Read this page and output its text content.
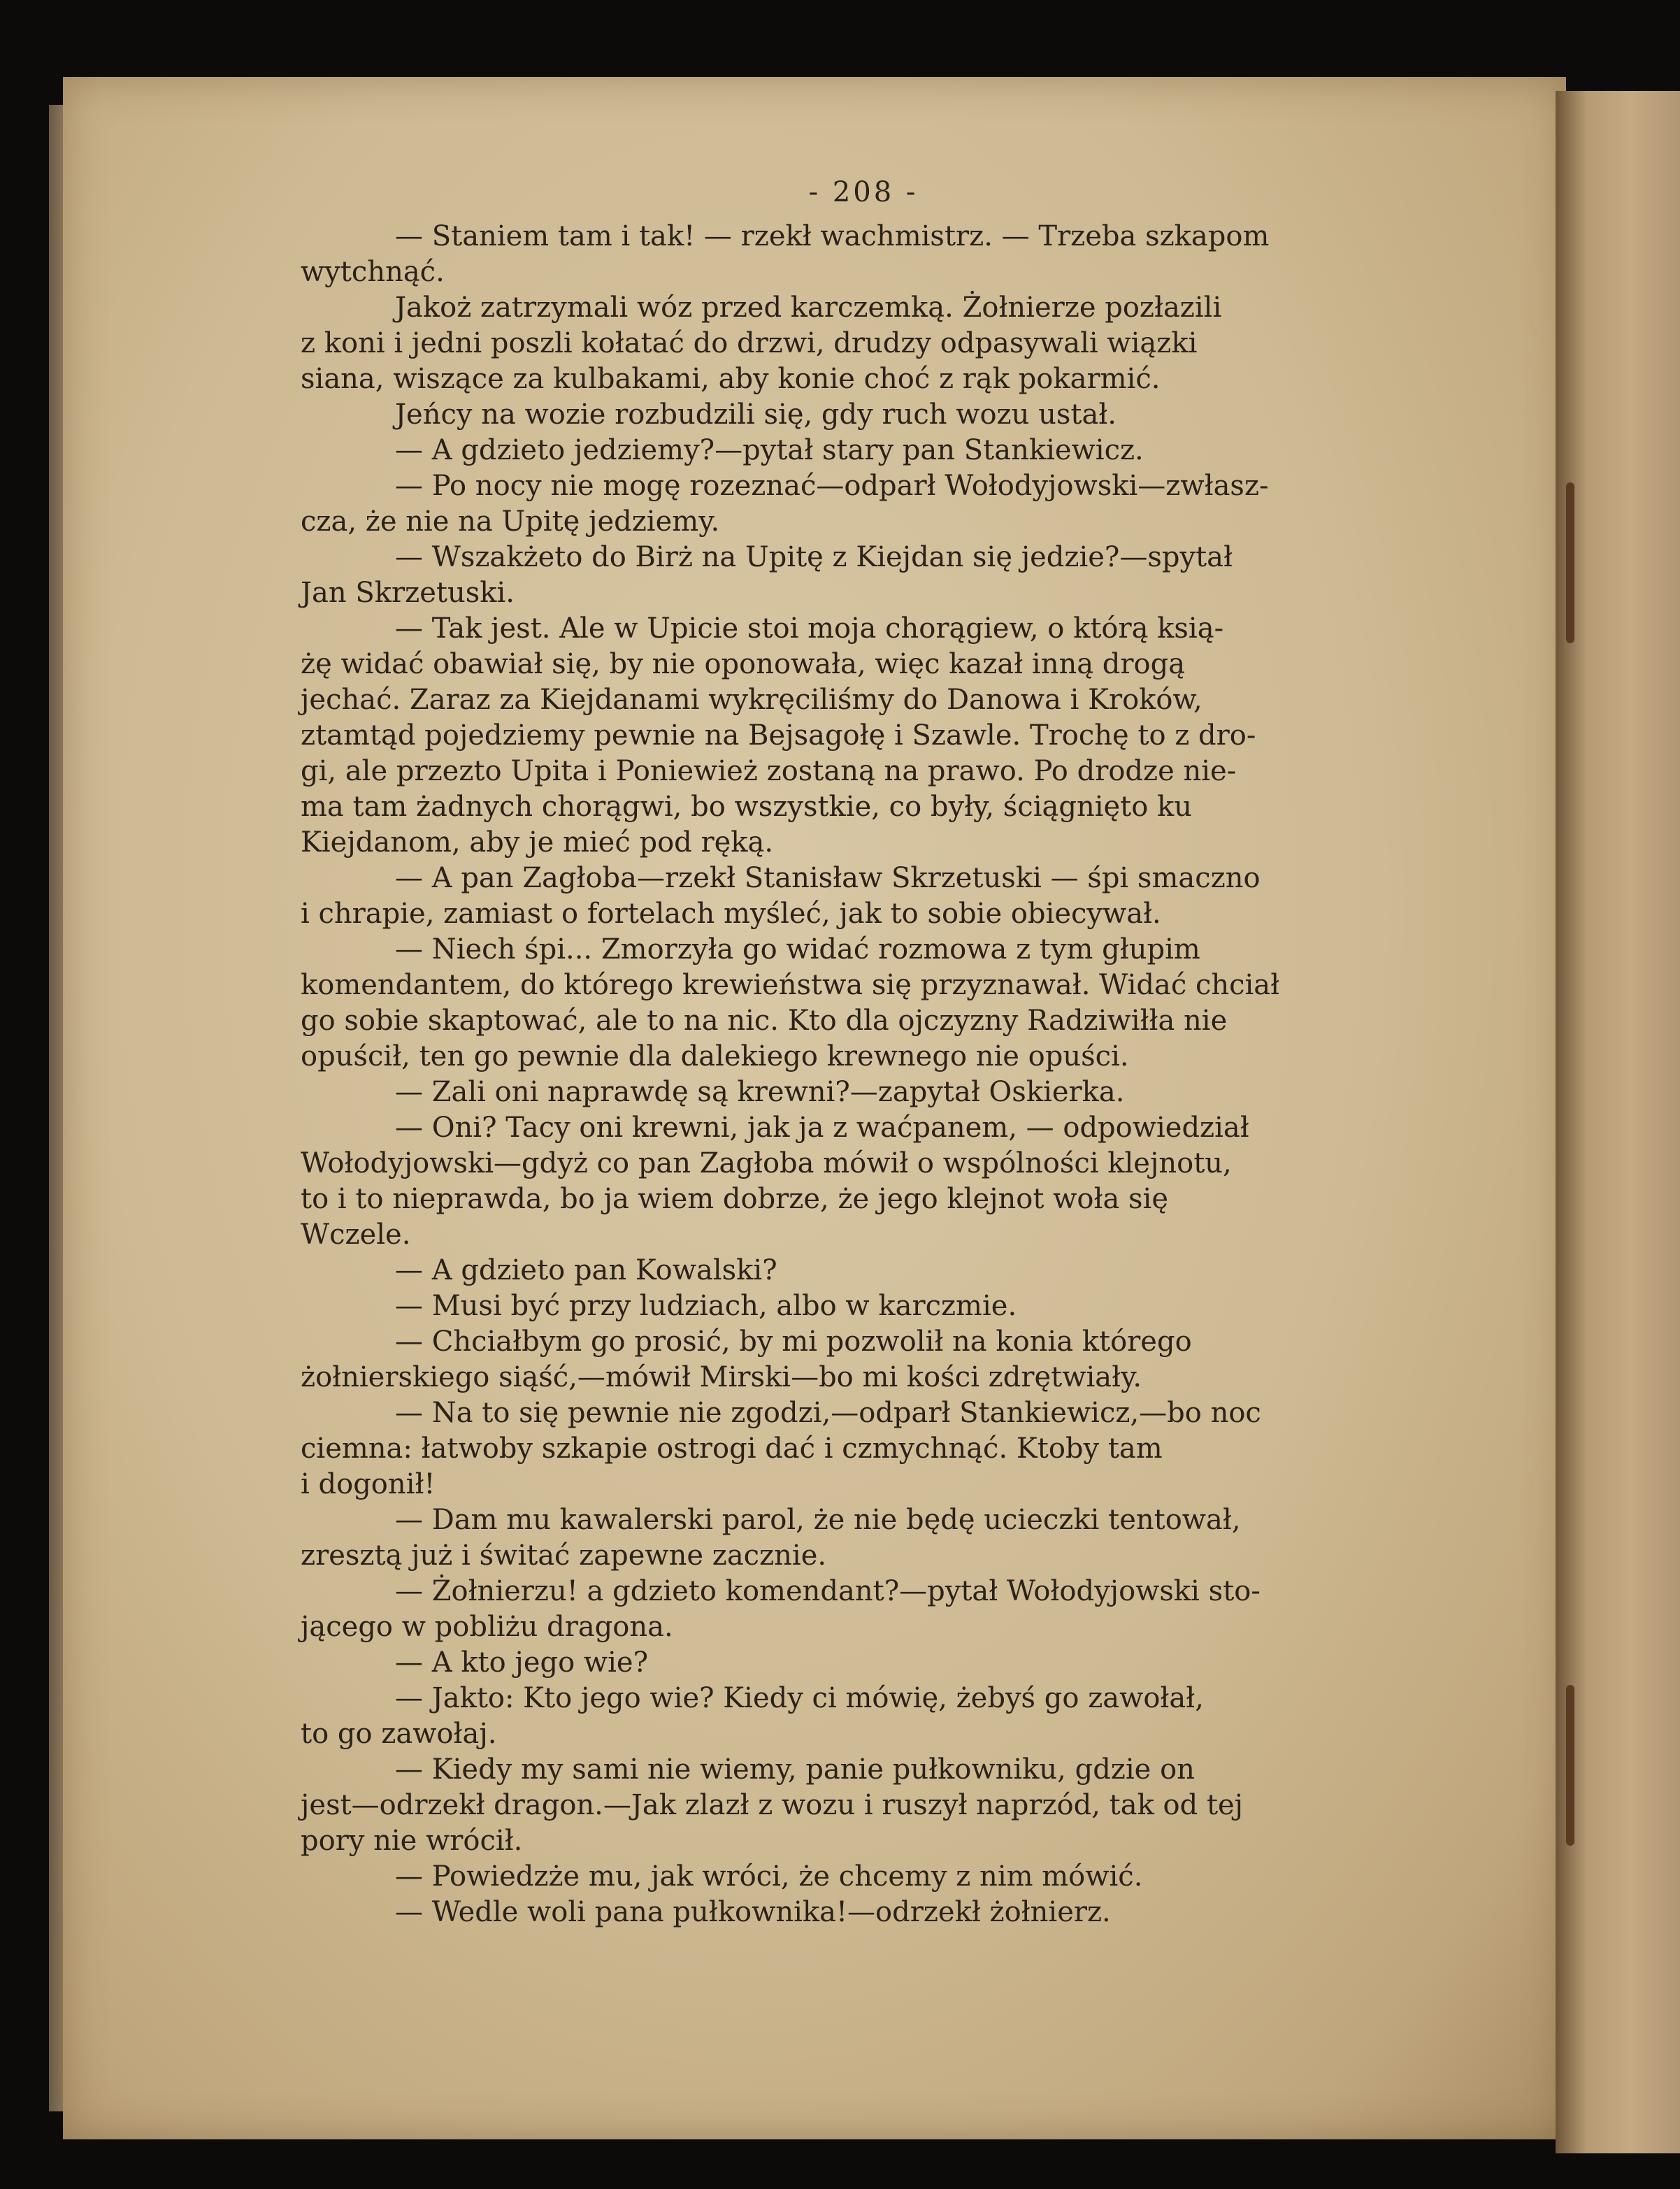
- 208 -

— Staniem tam i tak! — rzekł wachmistrz. — Trzeba szkapom
wytchnąć.

Jakoż zatrzymali wóz przed karczemką. Żołnierze pozłazili
z koni i jedni poszli kołatać do drzwi, drudzy odpasywali wiązki
siana, wiszące za kulbakami, aby konie choć z rąk pokarmić.

Jeńcy na wozie rozbudzili się, gdy ruch wozu ustał.

— A gdzieto jedziemy?—pytał stary pan Stankiewicz.

— Po nocy nie mogę rozeznać—odparł Wołodyjowski—zwłasz-
cza, że nie na Upitę jedziemy.

— Wszakżeto do Birż na Upitę z Kiejdan się jedzie?—spytał
Jan Skrzetuski.

— Tak jest. Ale w Upicie stoi moja chorągiew, o którą ksią-
żę widać obawiał się, by nie oponowała, więc kazał inną drogą
jechać. Zaraz za Kiejdanami wykręciliśmy do Danowa i Kroków,
ztamtąd pojedziemy pewnie na Bejsagołę i Szawle. Trochę to z dro-
gi, ale przezto Upita i Poniewież zostaną na prawo. Po drodze nie-
ma tam żadnych chorągwi, bo wszystkie, co były, ściągnięto ku
Kiejdanom, aby je mieć pod ręką.

— A pan Zagłoba—rzekł Stanisław Skrzetuski — śpi smaczno
i chrapie, zamiast o fortelach myśleć, jak to sobie obiecywał.

— Niech śpi... Zmorzyła go widać rozmowa z tym głupim
komendantem, do którego krewieństwa się przyznawał. Widać chciał
go sobie skaptować, ale to na nic. Kto dla ojczyzny Radziwiłła nie
opuścił, ten go pewnie dla dalekiego krewnego nie opuści.

— Zali oni naprawdę są krewni?—zapytał Oskierka.

— Oni? Tacy oni krewni, jak ja z waćpanem, — odpowiedział
Wołodyjowski—gdyż co pan Zagłoba mówił o wspólności klejnotu,
to i to nieprawda, bo ja wiem dobrze, że jego klejnot woła się
Wczele.

— A gdzieto pan Kowalski?

— Musi być przy ludziach, albo w karczmie.

— Chciałbym go prosić, by mi pozwolił na konia którego
żołnierskiego siąść,—mówił Mirski—bo mi kości zdrętwiały.

— Na to się pewnie nie zgodzi,—odparł Stankiewicz,—bo noc
ciemna: łatwoby szkapie ostrogi dać i czmychnąć. Ktoby tam
i dogonił!

— Dam mu kawalerski parol, że nie będę ucieczki tentował,
zresztą już i świtać zapewne zacznie.

— Żołnierzu! a gdzieto komendant?—pytał Wołodyjowski sto-
jącego w pobliżu dragona.

— A kto jego wie?

— Jakto: Kto jego wie? Kiedy ci mówię, żebyś go zawołał,
to go zawołaj.

— Kiedy my sami nie wiemy, panie pułkowniku, gdzie on
jest—odrzekł dragon.—Jak zlazł z wozu i ruszył naprzód, tak od tej
pory nie wrócił.

— Powiedzże mu, jak wróci, że chcemy z nim mówić.

— Wedle woli pana pułkownika!—odrzekł żołnierz.
